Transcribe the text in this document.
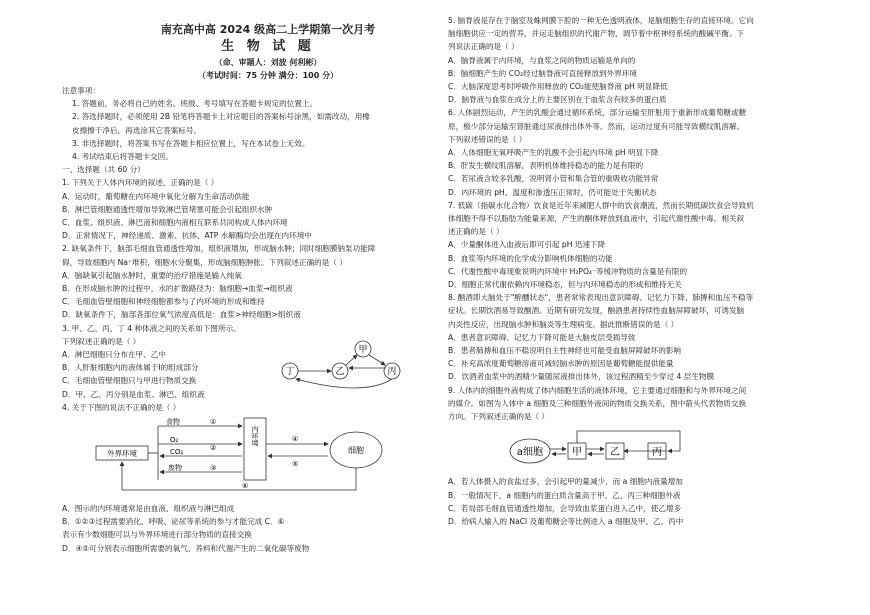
南充高中高 2024 级高二上学期第一次月考
生 物 试 题
（命、审题人：刘波 何利彬）
（考试时间：75 分钟 满分：100 分）
注意事项：
1. 答题前，务必将自己的姓名、班级、考号填写在答题卡规定的位置上。
2. 答选择题时，必须使用 2B 铅笔将答题卡上对应题目的答案标号涂黑，如需改动，用橡
皮擦擦干净后，再选涂其它答案标号。
3. 非选择题时，将答案书写在答题卡相应位置上，写在本试卷上无效。
4. 考试结束后将答题卡交回。
一、选择题（共 60 分）
1. 下列关于人体内环境的叙述，正确的是（ ）
A．运动时，葡萄糖在内环境中氧化分解为生命活动供能
B．淋巴管细胞通透性增加导致淋巴管堵塞可能会引起组织水肿
C．血浆、组织液、淋巴液和细胞内液相互联系共同构成人体内环境
D．正常情况下，神经递质、激素、抗体、ATP 水解酶均会出现在内环境中
2. 缺氧条件下，脑部毛细血管通透性增加，组织液增加，形成脑水肿；同时细胞膜钠泵功能障
碍，导致细胞内 Na⁺堆积，细胞水分聚集，形成脑细胞肿胀。下列叙述正确的是（ ）
A．脑缺氧引起脑水肿时，重要的治疗措施是输入纯氧
B．在形成脑水肿的过程中，水的扩散路径为：脑细胞→血浆→组织液
C．毛细血管壁细胞和神经细胞都参与了内环境的形成和维持
D．缺氧条件下，脑部各部位氧气浓度高低是：血浆>神经细胞>组织液
3. 甲、乙、丙、丁 4 种体液之间的关系如下图所示。
下列叙述正确的是（ ）
A．淋巴细胞只分布在甲、乙中
B．人肝脏细胞内的液体属于Ⅰ的组成部分
C．毛细血管壁细胞只与甲进行物质交换
D．甲、乙、丙分别是血浆、淋巴、组织液
丁	乙
甲
丙
4. 关于下图的说法不正确的是（ ）
外界环境
食物	①
O₂
CO₂	②
废物	③
内环境	④
⑤
细胞
⑥
A．图示的内环境通常是由血液、组织液与淋巴组成
B．①②③过程需要消化、呼吸、泌尿等系统的参与才能完成 C．⑥
表示有少数细胞可以与外界环境进行部分物质的直接交换
D．④⑤可分别表示细胞所需要的氧气、养料和代谢产生的二氧化碳等废物
5. 脑脊液是存在于脑室及蛛网膜下腔的一种无色透明液体，是脑细胞生存的直接环境。它向
脑细胞供应一定的营养，并运走脑组织的代谢产物，调节着中枢神经系统的酸碱平衡。下
列说法正确的是（ ）
A．脑脊液属于内环境，与血浆之间的物质运输是单向的
B．脑细胞产生的 CO₂经过脑脊液可直接释放到外界环境
C．大脑深度思考时呼吸作用释放的 CO₂能使脑脊液 pH 明显降低
D．脑脊液与血浆在成分上的主要区别在于血浆含有较多的蛋白质
6. 人体剧烈运动，产生的乳酸会通过循环系统，部分运输至肝脏用于重新形成葡萄糖或糖
原，极少部分运输至肾脏通过尿液排出体外等。然而，运动过度有可能导致横纹肌溶解。
下列叙述错误的是（ ）
A．人体细胞无氧呼吸产生的乳酸不会引起内环境 pH 明显下降
B．肝发生横纹肌溶解，表明机体维持稳态的能力是有限的
C．若尿液含较多乳酸，说明肾小管和集合管的重吸收功能异常
D．内环境的 pH、温度和渗透压正常时，仍可能处于失衡状态
7. 低碳（指碳水化合物）饮食是近年来减肥人群中的饮食潮流，然而长期低碳饮食会导致机
体细胞不得不以脂肪为能量来源，产生的酮体释放到血液中，引起代谢性酸中毒。相关叙
述正确的是（ ）
A．少量酮体进入血液后即可引起 pH 迅速下降
B．血浆等内环境的化学成分影响机体细胞的功能
C．代谢性酸中毒现象说明内环境中 H₂PO₄⁻等缓冲物质的含量是有限的
D．细胞正常代谢依赖内环境稳态，但与内环境稳态的形成和维持无关
8. 酗酒即大脑处于"醉醺状态"，患者常常表现出意识障碍、记忆力下降、肺搏和血压不稳等
症状。长期饮酒易导致酗酒。近期有研究发现，酗酒患者持续性血脑屏障破坏，可诱发脑
内炎性反应，出现脑水肿和脑炎等生理病变。据此推断错误的是（ ）
A．患者意识障碍、记忆力下降可能是大脑皮层受损导致
B．患者肺搏和血压不稳说明自主性神经也可能受血脑屏障破坏的影响
C．补充高浓度葡萄糖溶液可减轻脑水肿的原因是葡萄糖能提供能量
D．饮酒者血浆中的酒精少量随尿液排出体外，该过程酒精至少穿过 4 层生物膜
9. 人体内的细胞外液构成了体内细胞生活的液体环境，它主要通过细胞和与外界环境之间
的媒介。如图为人体中 a 细胞及三种细胞外液间的物质交换关系，图中箭头代表物质交换
方向。下列叙述正确的是（ ）
a细胞	甲	乙	丙
A．若人体摄入的食盐过多，会引起甲的量减少，而 a 细胞内液量增加
B．一般情况下，a 细胞内的蛋白质含量高于甲、乙、丙三种细胞外液
C．若局部毛细血管通透性增加，会导致血浆蛋白进入乙中，使乙增多
D．给病人输入的 NaCl 及葡萄糖会等比例进入 a 细胞及甲、乙、丙中
